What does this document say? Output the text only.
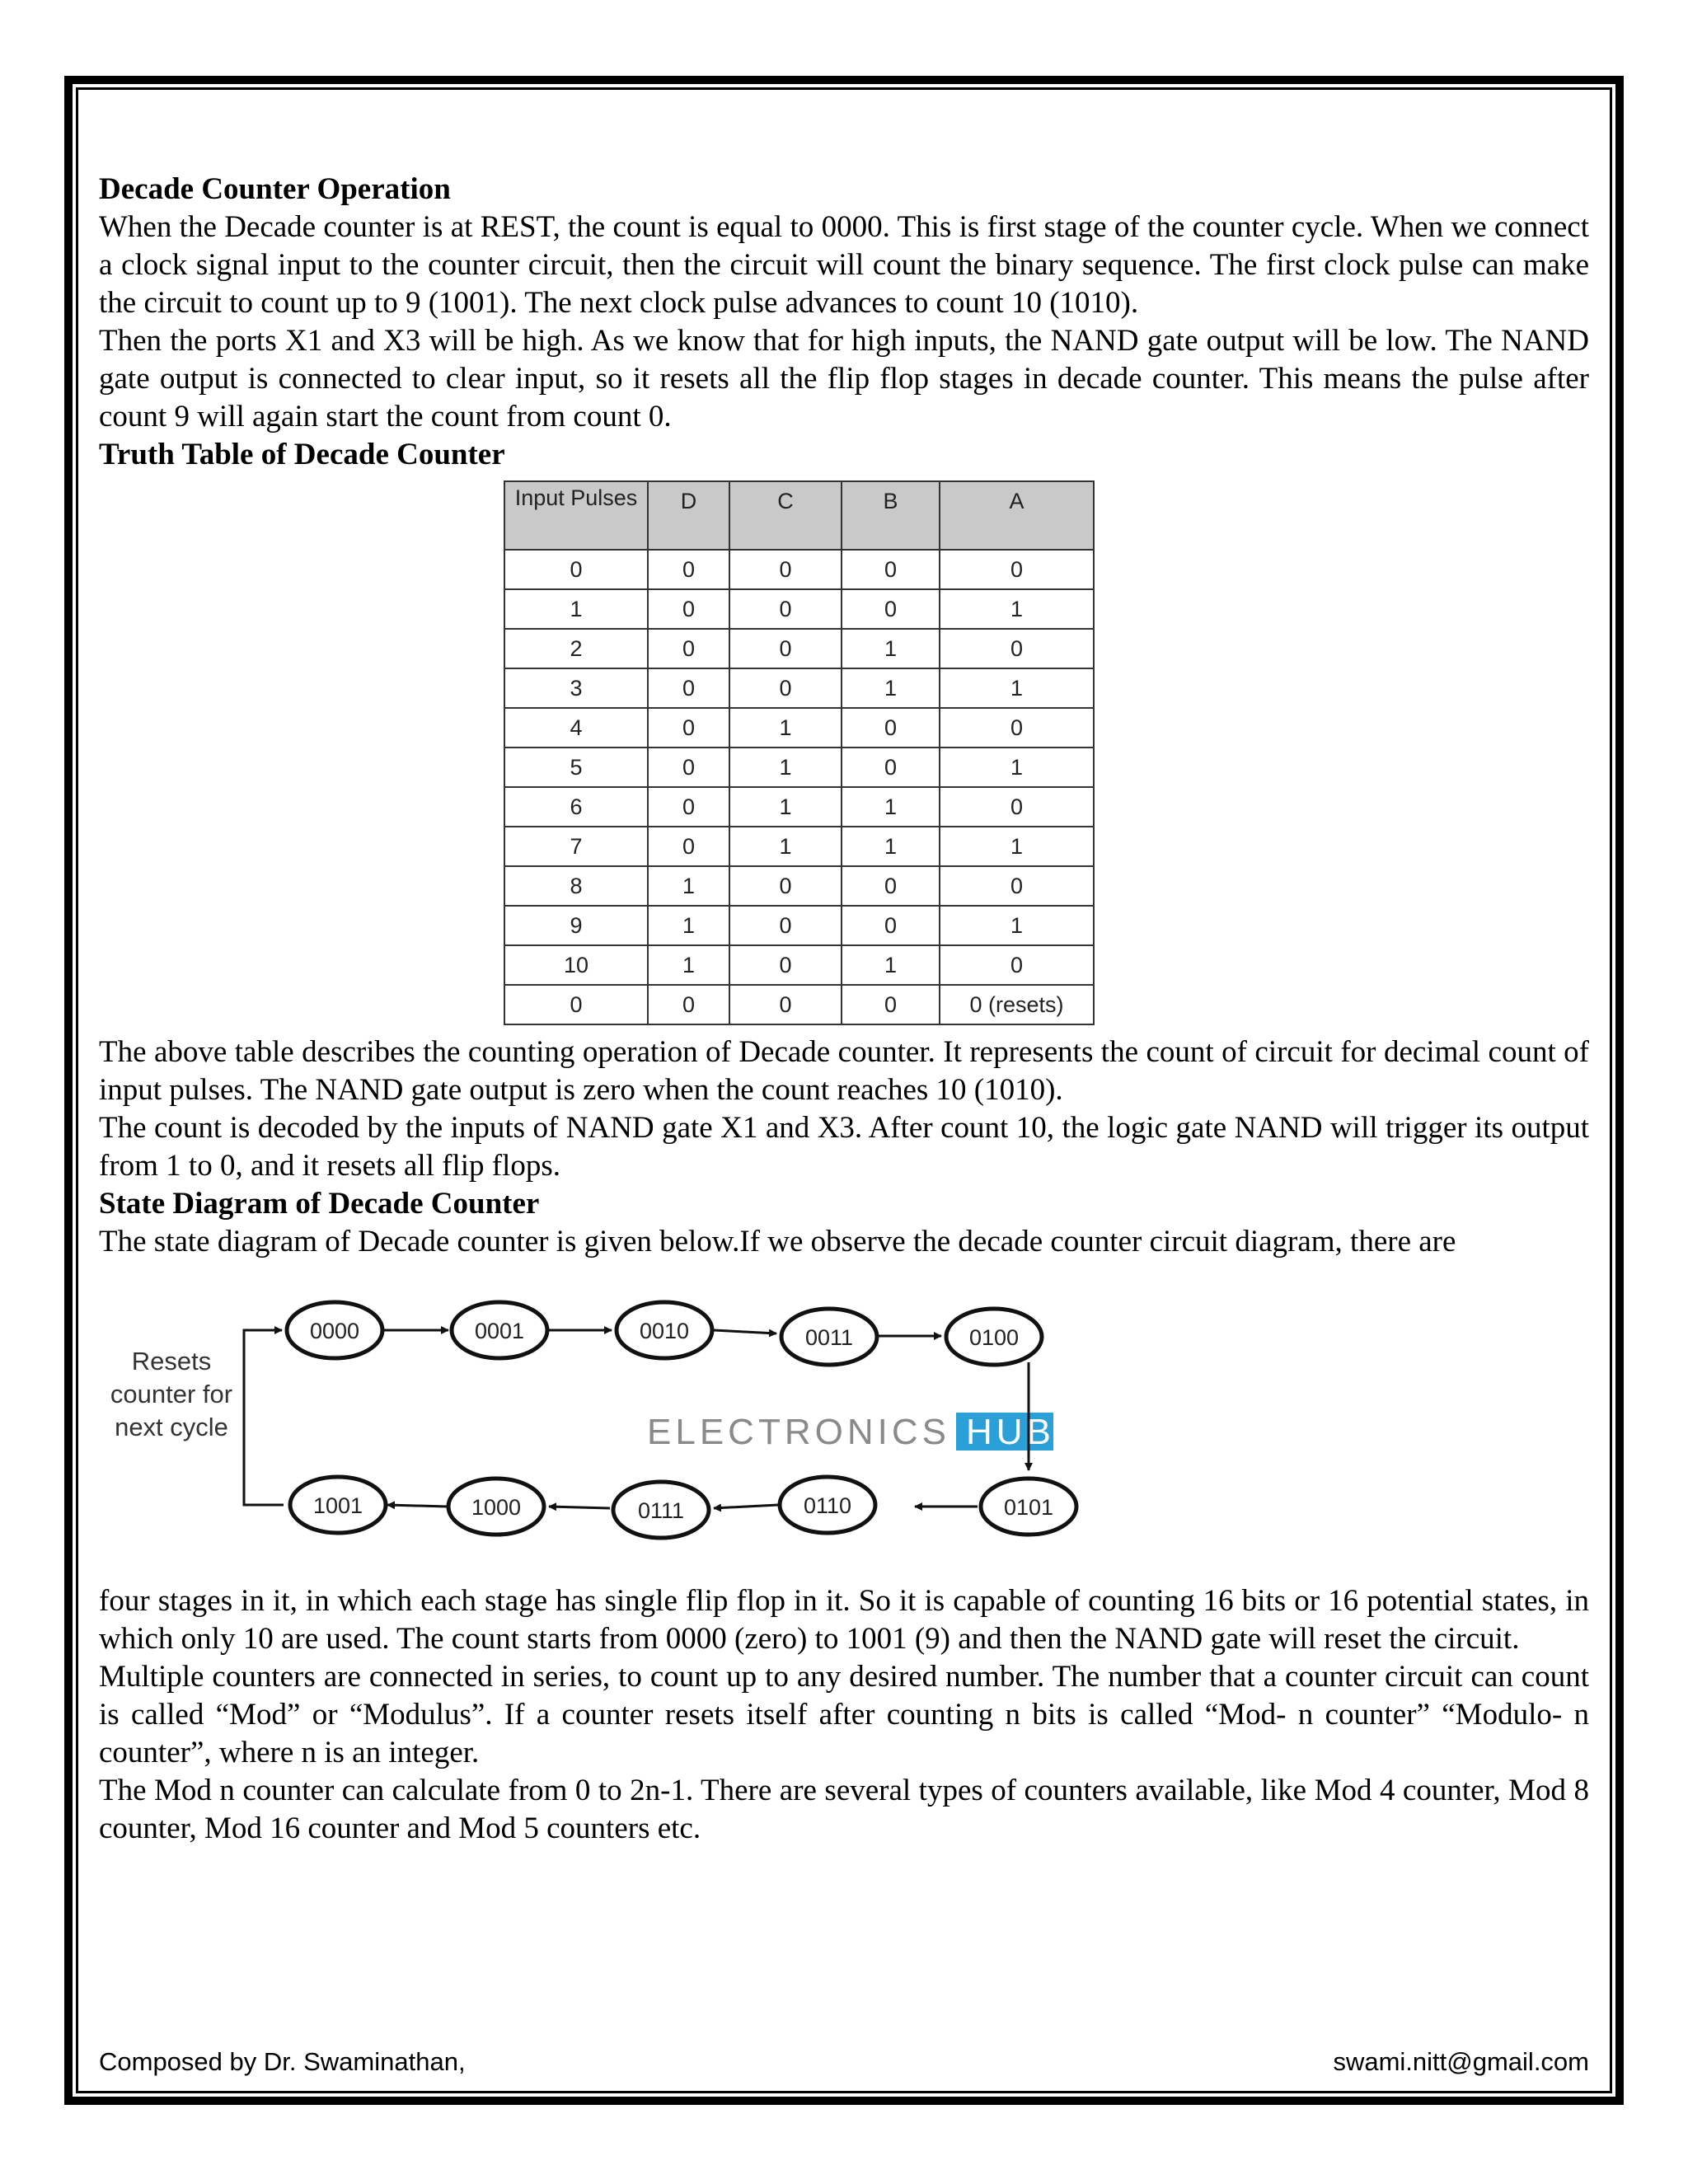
Decade Counter Operation

When the Decade counter is at REST, the count is equal to 0000. This is first stage of the counter cycle. When we connect a clock signal input to the counter circuit, then the circuit will count the binary sequence. The first clock pulse can make the circuit to count up to 9 (1001). The next clock pulse advances to count 10 (1010).

Then the ports X1 and X3 will be high. As we know that for high inputs, the NAND gate output will be low. The NAND gate output is connected to clear input, so it resets all the flip flop stages in decade counter. This means the pulse after count 9 will again start the count from count 0.

Truth Table of Decade Counter
Input Pulses	D	C	B	A
0	0	0	0	0
1	0	0	0	1
2	0	0	1	0
3	0	0	1	1
4	0	1	0	0
5	0	1	0	1
6	0	1	1	0
7	0	1	1	1
8	1	0	0	0
9	1	0	0	1
10	1	0	1	0
0	0	0	0	0 (resets)

The above table describes the counting operation of Decade counter. It represents the count of circuit for decimal count of input pulses. The NAND gate output is zero when the count reaches 10 (1010).

The count is decoded by the inputs of NAND gate X1 and X3. After count 10, the logic gate NAND will trigger its output from 1 to 0, and it resets all flip flops.

State Diagram of Decade Counter

The state diagram of Decade counter is given below.If we observe the decade counter circuit diagram, there are

ELECTRONICS HUB
Resets
counter for
next cycle
0000	0001	0010	0011	0100
1001	1000	0111	0110	0101

four stages in it, in which each stage has single flip flop in it. So it is capable of counting 16 bits or 16 potential states, in which only 10 are used. The count starts from 0000 (zero) to 1001 (9) and then the NAND gate will reset the circuit.

Multiple counters are connected in series, to count up to any desired number. The number that a counter circuit can count is called “Mod” or “Modulus”. If a counter resets itself after counting n bits is called “Mod- n counter” “Modulo- n counter”, where n is an integer.

The Mod n counter can calculate from 0 to 2n-1. There are several types of counters available, like Mod 4 counter, Mod 8 counter, Mod 16 counter and Mod 5 counters etc.

Composed by Dr. Swaminathan,	swami.nitt@gmail.com
